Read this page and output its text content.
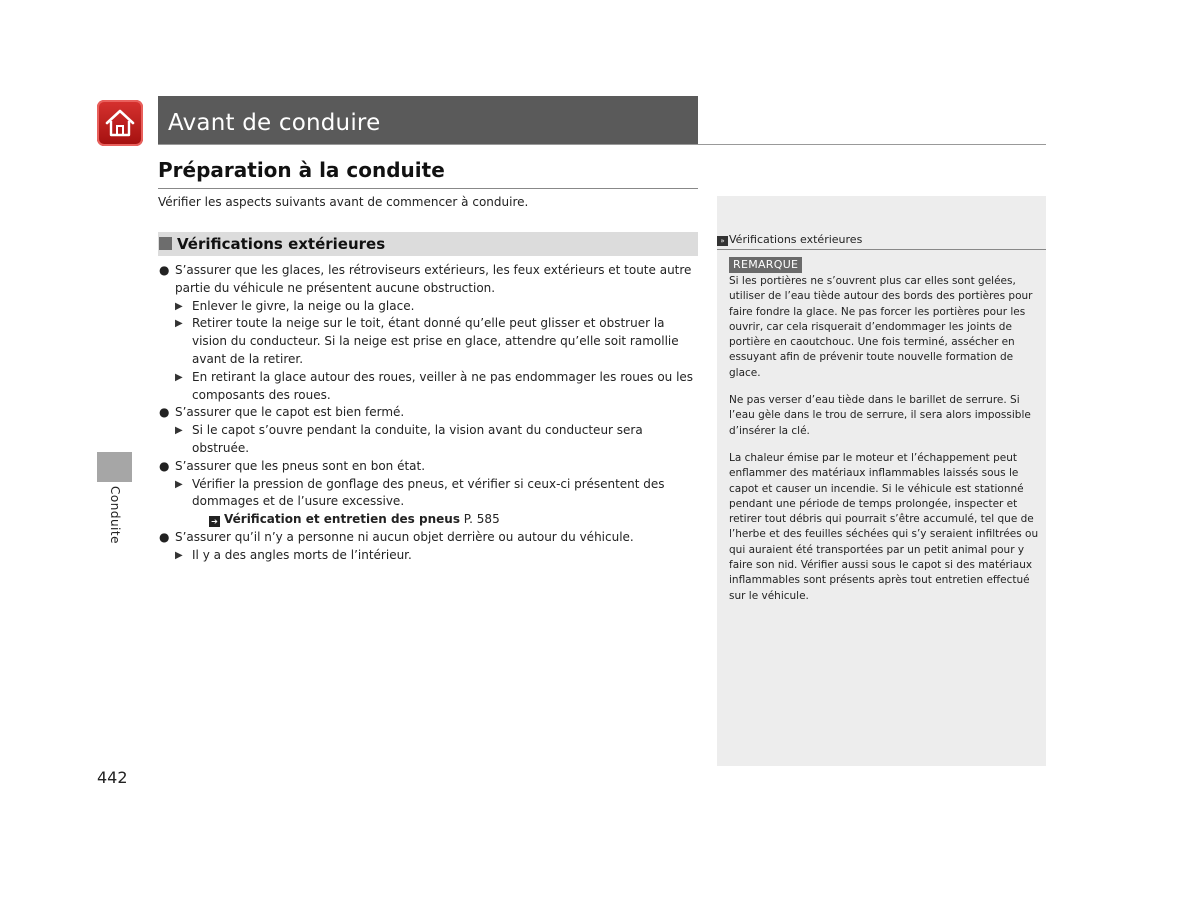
Avant de conduire
Préparation à la conduite
Vérifier les aspects suivants avant de commencer à conduire.
Vérifications extérieures
● S’assurer que les glaces, les rétroviseurs extérieurs, les feux extérieurs et toute autre partie du véhicule ne présentent aucune obstruction.
▶ Enlever le givre, la neige ou la glace.
▶ Retirer toute la neige sur le toit, étant donné qu’elle peut glisser et obstruer la vision du conducteur. Si la neige est prise en glace, attendre qu’elle soit ramollie avant de la retirer.
▶ En retirant la glace autour des roues, veiller à ne pas endommager les roues ou les composants des roues.
● S’assurer que le capot est bien fermé.
▶ Si le capot s’ouvre pendant la conduite, la vision avant du conducteur sera obstruée.
● S’assurer que les pneus sont en bon état.
▶ Vérifier la pression de gonflage des pneus, et vérifier si ceux-ci présentent des dommages et de l’usure excessive.
➔ Vérification et entretien des pneus P. 585
● S’assurer qu’il n’y a personne ni aucun objet derrière ou autour du véhicule.
▶ Il y a des angles morts de l’intérieur.
Conduite
442
» Vérifications extérieures
REMARQUE

Si les portières ne s’ouvrent plus car elles sont gelées, utiliser de l’eau tiède autour des bords des portières pour faire fondre la glace. Ne pas forcer les portières pour les ouvrir, car cela risquerait d’endommager les joints de portière en caoutchouc. Une fois terminé, assécher en essuyant afin de prévenir toute nouvelle formation de glace.

Ne pas verser d’eau tiède dans le barillet de serrure. Si l’eau gèle dans le trou de serrure, il sera alors impossible d’insérer la clé.

La chaleur émise par le moteur et l’échappement peut enflammer des matériaux inflammables laissés sous le capot et causer un incendie. Si le véhicule est stationné pendant une période de temps prolongée, inspecter et retirer tout débris qui pourrait s’être accumulé, tel que de l’herbe et des feuilles séchées qui s’y seraient infiltrées ou qui auraient été transportées par un petit animal pour y faire son nid. Vérifier aussi sous le capot si des matériaux inflammables sont présents après tout entretien effectué sur le véhicule.
